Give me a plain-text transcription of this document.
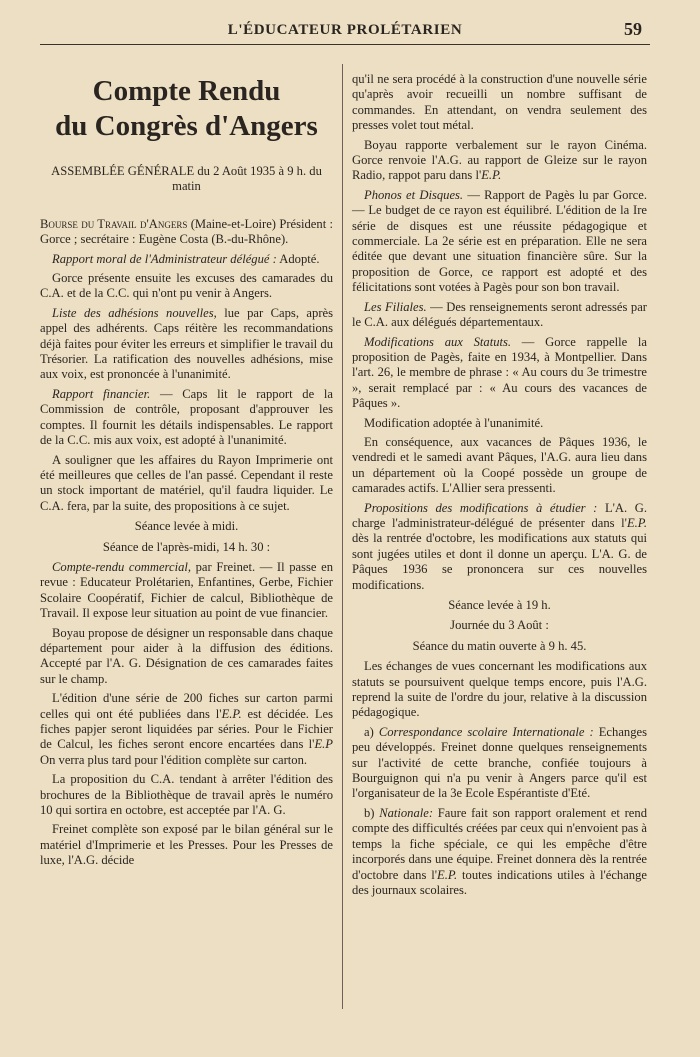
L'ÉDUCATEUR PROLÉTARIEN	59
Compte Rendu
du Congrès d'Angers
ASSEMBLÉE GÉNÉRALE du 2 Août 1935 à 9 h. du matin

Bourse du Travail d'Angers (Maine-et-Loire) Président : Gorce ; secrétaire : Eugène Costa (B.-du-Rhône).

Rapport moral de l'Administrateur délégué : Adopté.

Gorce présente ensuite les excuses des camarades du C.A. et de la C.C. qui n'ont pu venir à Angers.

Liste des adhésions nouvelles, lue par Caps, après appel des adhérents. Caps réitère les recommandations déjà faites pour éviter les erreurs et simplifier le travail du Trésorier. La ratification des nouvelles adhésions, mise aux voix, est prononcée à l'unanimité.

Rapport financier. — Caps lit le rapport de la Commission de contrôle, proposant d'approuver les comptes. Il fournit les détails indispensables. Le rapport de la C.C. mis aux voix, est adopté à l'unanimité.

A souligner que les affaires du Rayon Imprimerie ont été meilleures que celles de l'an passé. Cependant il reste un stock important de matériel, qu'il faudra liquider. Le C.A. fera, par la suite, des propositions à ce sujet.

Séance levée à midi.

Séance de l'après-midi, 14 h. 30 :

Compte-rendu commercial, par Freinet. — Il passe en revue : Educateur Prolétarien, Enfantines, Gerbe, Fichier Scolaire Coopératif, Fichier de calcul, Bibliothèque de Travail. Il expose leur situation au point de vue financier.

Boyau propose de désigner un responsable dans chaque département pour aider à la diffusion des éditions. Accepté par l'A. G. Désignation de ces camarades faites sur le champ.

L'édition d'une série de 200 fiches sur carton parmi celles qui ont été publiées dans l'E.P. est décidée. Les fiches papjer seront liquidées par séries. Pour le Fichier de Calcul, les fiches seront encore encartées dans l'E.P On verra plus tard pour l'édition complète sur carton.

La proposition du C.A. tendant à arrêter l'édition des brochures de la Bibliothèque de travail après le numéro 10 qui sortira en octobre, est acceptée par l'A. G.

Freinet complète son exposé par le bilan général sur le matériel d'Imprimerie et les Presses. Pour les Presses de luxe, l'A.G. décide

qu'il ne sera procédé à la construction d'une nouvelle série qu'après avoir recueilli un nombre suffisant de commandes. En attendant, on vendra seulement des presses volet tout métal.

Boyau rapporte verbalement sur le rayon Cinéma. Gorce renvoie l'A.G. au rapport de Gleize sur le rayon Radio, rappot paru dans l'E.P.

Phonos et Disques. — Rapport de Pagès lu par Gorce.— Le budget de ce rayon est équilibré. L'édition de la Ire série de disques est une réussite pédagogique et commerciale. La 2e série est en préparation. Elle ne sera éditée que devant une situation financière sûre. Sur la proposition de Gorce, ce rapport est adopté et des félicitations sont votées à Pagès pour son bon travail.

Les Filiales. — Des renseignements seront adressés par le C.A. aux délégués départementaux.

Modifications aux Statuts. — Gorce rappelle la proposition de Pagès, faite en 1934, à Montpellier. Dans l'art. 26, le membre de phrase : « Au cours du 3e trimestre », serait remplacé par : « Au cours des vacances de Pâques ».

Modification adoptée à l'unanimité.

En conséquence, aux vacances de Pâques 1936, le vendredi et le samedi avant Pâques, l'A.G. aura lieu dans un département où la Coopé possède un groupe de camarades actifs. L'Allier sera pressenti.

Propositions des modifications à étudier : L'A. G. charge l'administrateur-délégué de présenter dans l'E.P. dès la rentrée d'octobre, les modifications aux statuts qui sont jugées utiles et dont il donne un aperçu. L'A. G. de Pâques 1936 se prononcera sur ces nouvelles modifications.

Séance levée à 19 h.

Journée du 3 Août :

Séance du matin ouverte à 9 h. 45.

Les échanges de vues concernant les modifications aux statuts se poursuivent quelque temps encore, puis l'A.G. reprend la suite de l'ordre du jour, relative à la discussion pédagogique.

a) Correspondance scolaire Internationale : Echanges peu développés. Freinet donne quelques renseignements sur l'activité de cette branche, confiée toujours à Bourguignon qui n'a pu venir à Angers parce qu'il est l'organisateur de la 3e Ecole Espérantiste d'Eté.

b) Nationale: Faure fait son rapport oralement et rend compte des difficultés créées par ceux qui n'envoient pas à temps la fiche spéciale, ce qui les empêche d'être incorporés dans une équipe. Freinet donnera dès la rentrée d'octobre dans l'E.P. toutes indications utiles à l'échange des journaux scolaires.
